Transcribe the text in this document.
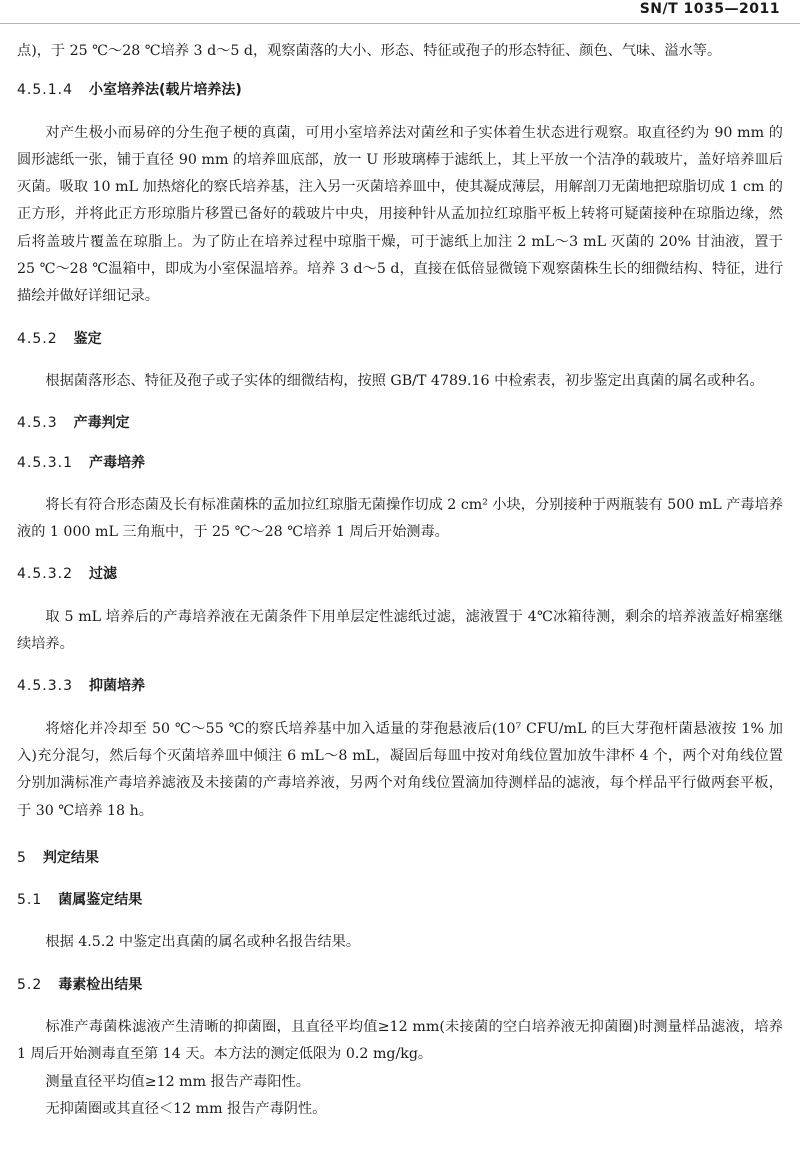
SN/T 1035—2011

点)，于 25 ℃～28 ℃培养 3 d～5 d，观察菌落的大小、形态、特征或孢子的形态特征、颜色、气味、溢水等。

4.5.1.4 小室培养法(载片培养法)

对产生极小而易碎的分生孢子梗的真菌，可用小室培养法对菌丝和子实体着生状态进行观察。取直径约为 90 mm 的圆形滤纸一张，铺于直径 90 mm 的培养皿底部，放一 U 形玻璃棒于滤纸上，其上平放一个洁净的载玻片，盖好培养皿后灭菌。吸取 10 mL 加热熔化的察氏培养基，注入另一灭菌培养皿中，使其凝成薄层，用解剖刀无菌地把琼脂切成 1 cm 的正方形，并将此正方形琼脂片移置已备好的载玻片中央，用接种针从孟加拉红琼脂平板上转将可疑菌接种在琼脂边缘，然后将盖玻片覆盖在琼脂上。为了防止在培养过程中琼脂干燥，可于滤纸上加注 2 mL～3 mL 灭菌的 20% 甘油液，置于 25 ℃～28 ℃温箱中，即成为小室保温培养。培养 3 d～5 d，直接在低倍显微镜下观察菌株生长的细微结构、特征，进行描绘并做好详细记录。

4.5.2 鉴定

根据菌落形态、特征及孢子或子实体的细微结构，按照 GB/T 4789.16 中检索表，初步鉴定出真菌的属名或种名。

4.5.3 产毒判定
4.5.3.1 产毒培养

将长有符合形态菌及长有标准菌株的孟加拉红琼脂无菌操作切成 2 cm² 小块，分别接种于两瓶装有 500 mL 产毒培养液的 1 000 mL 三角瓶中，于 25 ℃～28 ℃培养 1 周后开始测毒。

4.5.3.2 过滤

取 5 mL 培养后的产毒培养液在无菌条件下用单层定性滤纸过滤，滤液置于 4℃冰箱待测，剩余的培养液盖好棉塞继续培养。

4.5.3.3 抑菌培养

将熔化并冷却至 50 ℃～55 ℃的察氏培养基中加入适量的芽孢悬液后(10⁷ CFU/mL 的巨大芽孢杆菌悬液按 1% 加入)充分混匀，然后每个灭菌培养皿中倾注 6 mL～8 mL，凝固后每皿中按对角线位置加放牛津杯 4 个，两个对角线位置分别加满标准产毒培养滤液及未接菌的产毒培养液，另两个对角线位置滴加待测样品的滤液，每个样品平行做两套平板，于 30 ℃培养 18 h。

5 判定结果
5.1 菌属鉴定结果

根据 4.5.2 中鉴定出真菌的属名或种名报告结果。

5.2 毒素检出结果

标准产毒菌株滤液产生清晰的抑菌圈，且直径平均值≥12 mm(未接菌的空白培养液无抑菌圈)时测量样品滤液，培养 1 周后开始测毒直至第 14 天。本方法的测定低限为 0.2 mg/kg。

测量直径平均值≥12 mm 报告产毒阳性。

无抑菌圈或其直径＜12 mm 报告产毒阴性。
